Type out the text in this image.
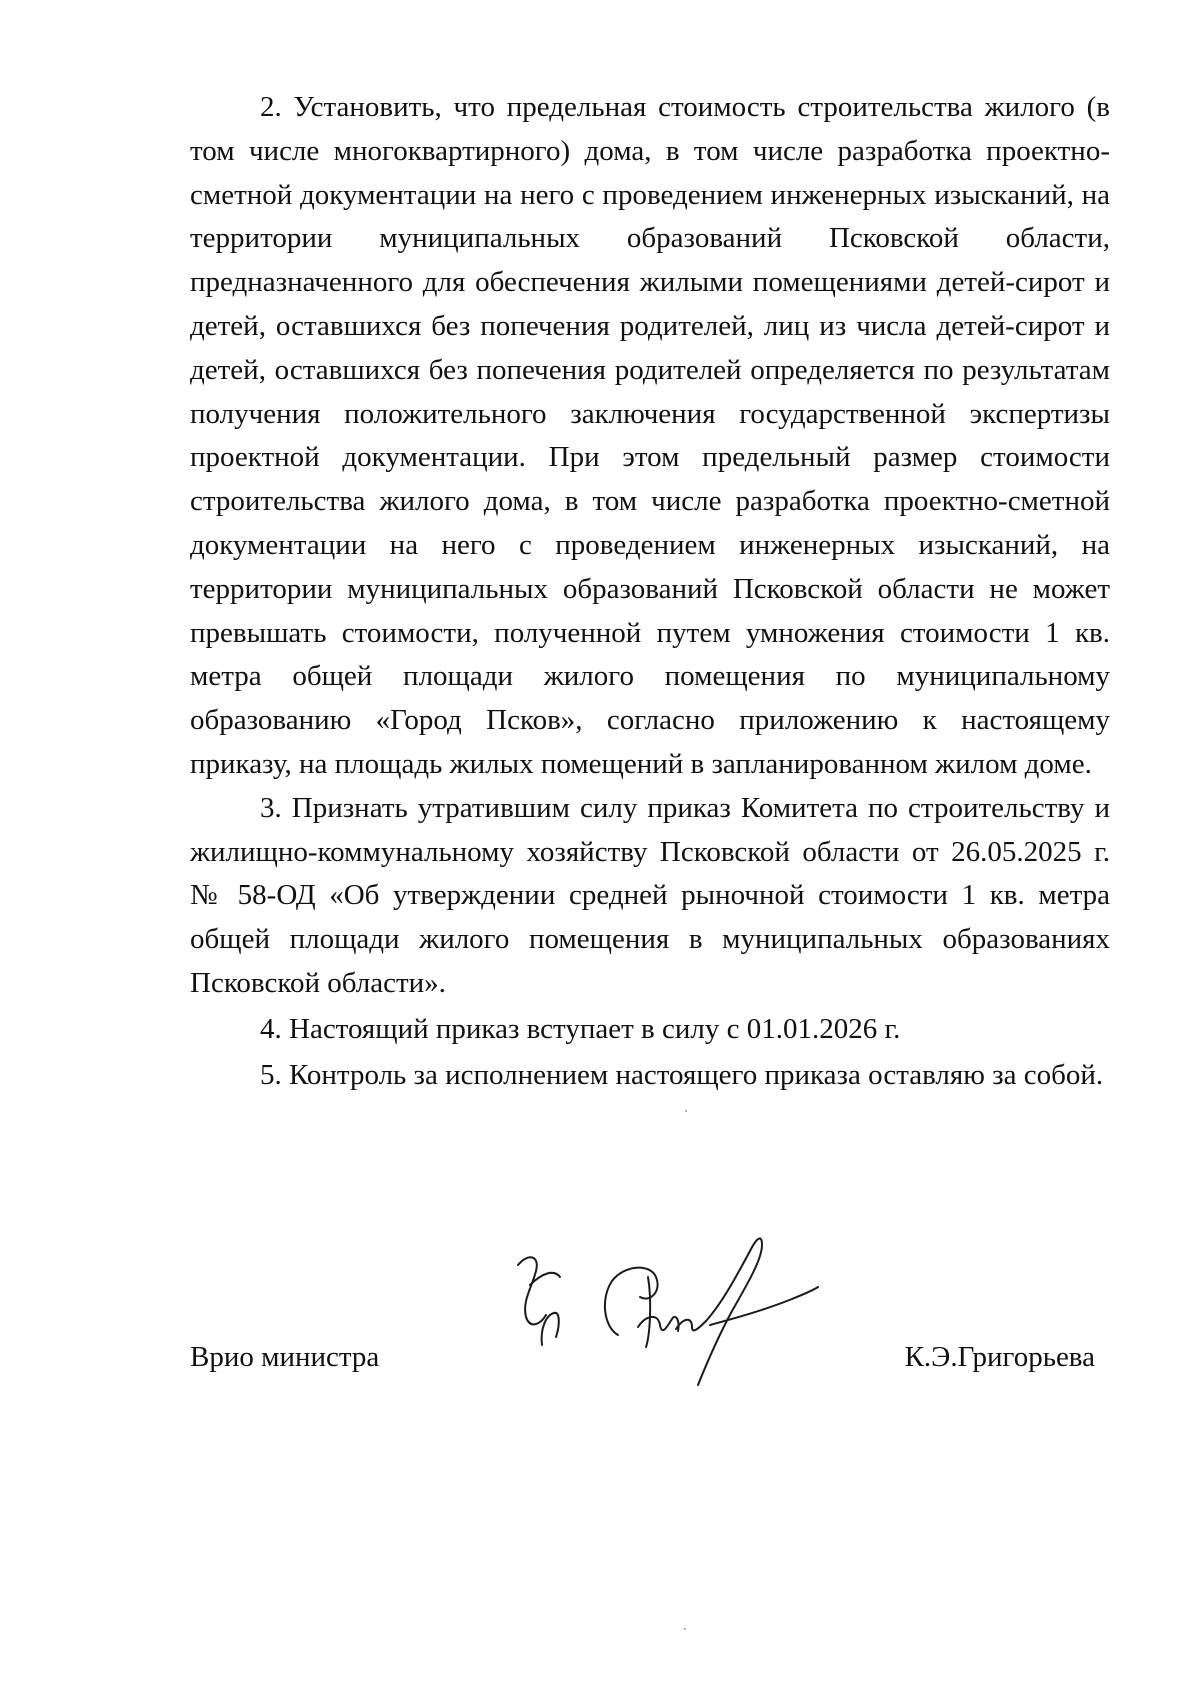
2. Установить, что предельная стоимость строительства жилого (в том числе многоквартирного) дома, в том числе разработка проектно-сметной документации на него с проведением инженерных изысканий, на территории муниципальных образований Псковской области, предназначенного для обеспечения жилыми помещениями детей-сирот и детей, оставшихся без попечения родителей, лиц из числа детей-сирот и детей, оставшихся без попечения родителей определяется по результатам получения положительного заключения государственной экспертизы проектной документации. При этом предельный размер стоимости строительства жилого дома, в том числе разработка проектно-сметной документации на него с проведением инженерных изысканий, на территории муниципальных образований Псковской области не может превышать стоимости, полученной путем умножения стоимости 1 кв. метра общей площади жилого помещения по муниципальному образованию «Город Псков», согласно приложению к настоящему приказу, на площадь жилых помещений в запланированном жилом доме.

3. Признать утратившим силу приказ Комитета по строительству и жилищно-коммунальному хозяйству Псковской области от 26.05.2025 г. № 58-ОД «Об утверждении средней рыночной стоимости 1 кв. метра общей площади жилого помещения в муниципальных образованиях Псковской области».

4. Настоящий приказ вступает в силу с 01.01.2026 г.

5. Контроль за исполнением настоящего приказа оставляю за собой.

Врио министра	К.Э.Григорьева
